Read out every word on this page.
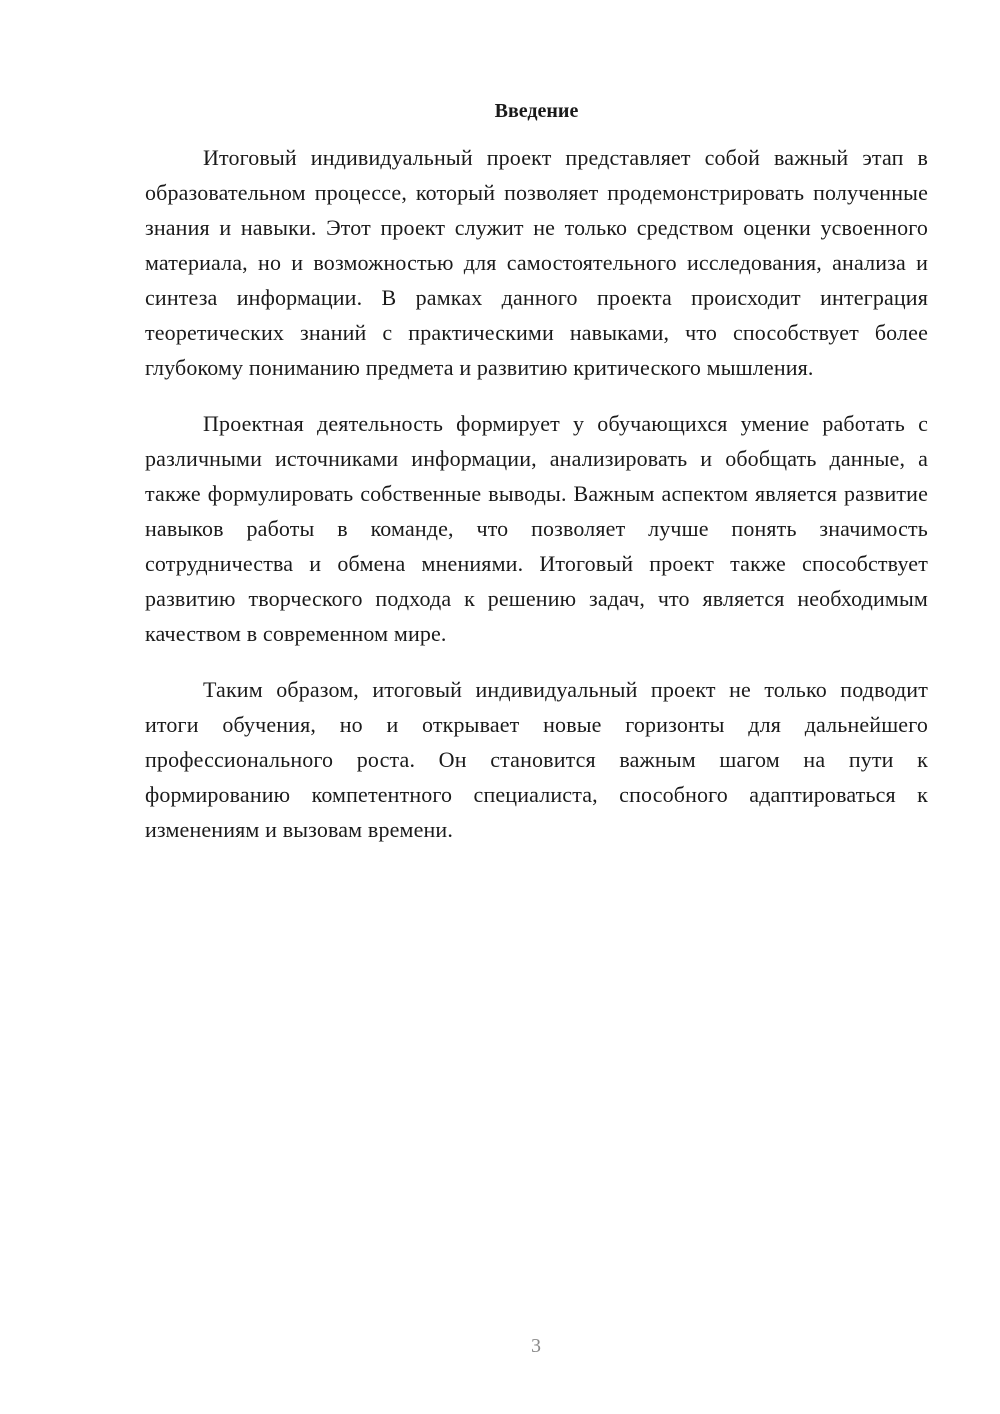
Введение

Итоговый индивидуальный проект представляет собой важный этап в образовательном процессе, который позволяет продемонстрировать полученные знания и навыки. Этот проект служит не только средством оценки усвоенного материала, но и возможностью для самостоятельного исследования, анализа и синтеза информации. В рамках данного проекта происходит интеграция теоретических знаний с практическими навыками, что способствует более глубокому пониманию предмета и развитию критического мышления.

Проектная деятельность формирует у обучающихся умение работать с различными источниками информации, анализировать и обобщать данные, а также формулировать собственные выводы. Важным аспектом является развитие навыков работы в команде, что позволяет лучше понять значимость сотрудничества и обмена мнениями. Итоговый проект также способствует развитию творческого подхода к решению задач, что является необходимым качеством в современном мире.

Таким образом, итоговый индивидуальный проект не только подводит итоги обучения, но и открывает новые горизонты для дальнейшего профессионального роста. Он становится важным шагом на пути к формированию компетентного специалиста, способного адаптироваться к изменениям и вызовам времени.

3
